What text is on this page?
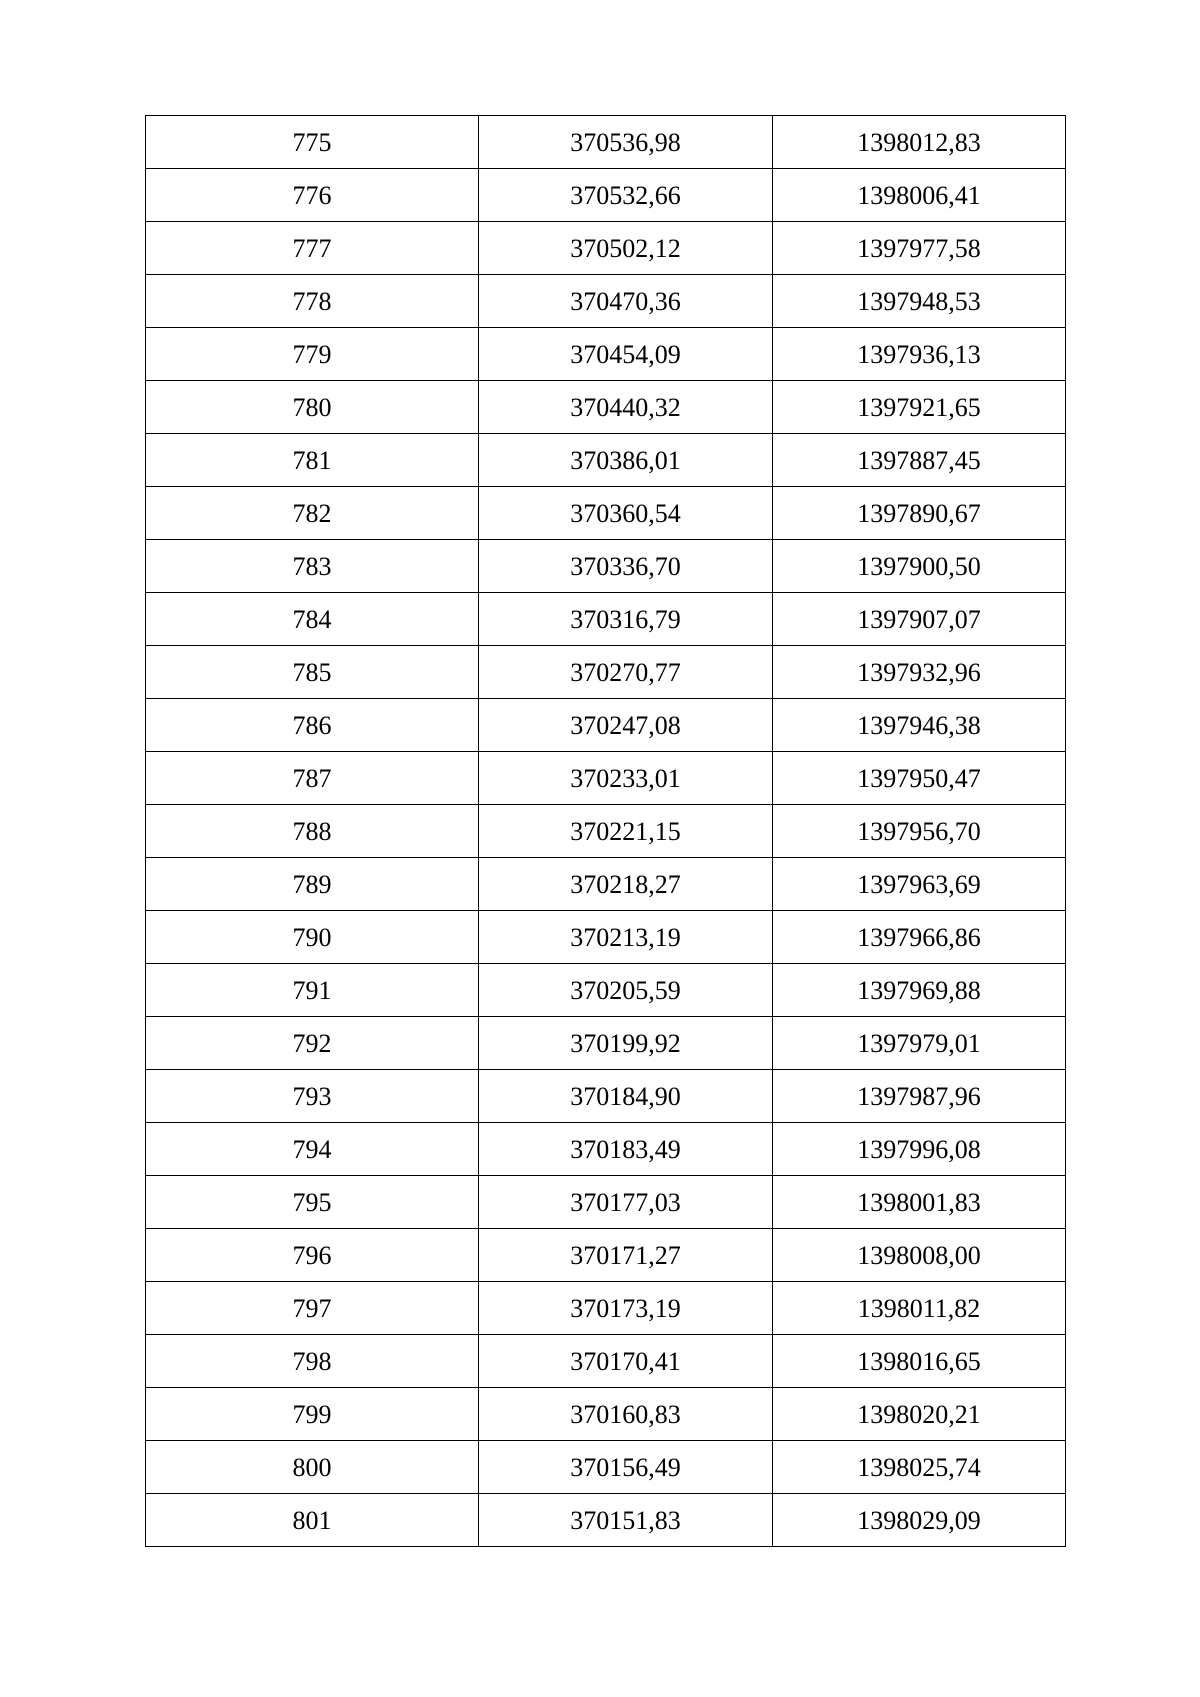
775	370536,98	1398012,83
776	370532,66	1398006,41
777	370502,12	1397977,58
778	370470,36	1397948,53
779	370454,09	1397936,13
780	370440,32	1397921,65
781	370386,01	1397887,45
782	370360,54	1397890,67
783	370336,70	1397900,50
784	370316,79	1397907,07
785	370270,77	1397932,96
786	370247,08	1397946,38
787	370233,01	1397950,47
788	370221,15	1397956,70
789	370218,27	1397963,69
790	370213,19	1397966,86
791	370205,59	1397969,88
792	370199,92	1397979,01
793	370184,90	1397987,96
794	370183,49	1397996,08
795	370177,03	1398001,83
796	370171,27	1398008,00
797	370173,19	1398011,82
798	370170,41	1398016,65
799	370160,83	1398020,21
800	370156,49	1398025,74
801	370151,83	1398029,09
